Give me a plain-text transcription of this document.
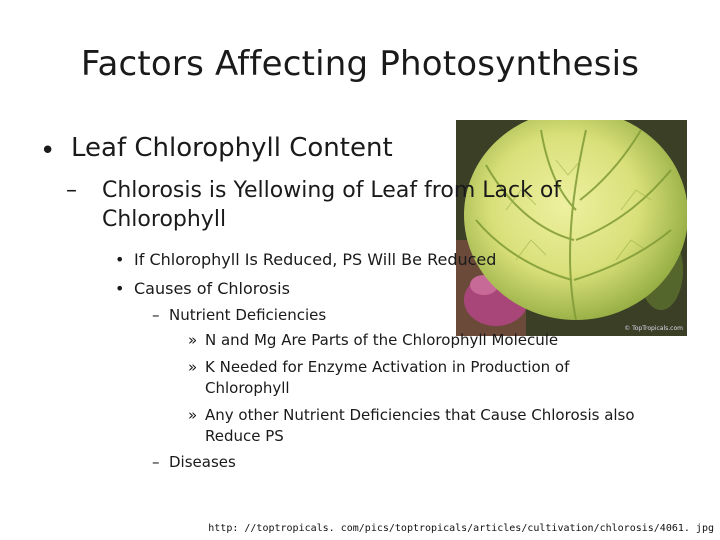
Factors Affecting Photosynthesis
© TopTropicals.com
• Leaf Chlorophyll Content
– Chlorosis is Yellowing of Leaf from Lack of
Chlorophyll
• If Chlorophyll Is Reduced, PS Will Be Reduced
• Causes of Chlorosis
– Nutrient Deficiencies
» N and Mg Are Parts of the Chlorophyll Molecule
» K Needed for Enzyme Activation in Production of
Chlorophyll
» Any other Nutrient Deficiencies that Cause Chlorosis also
Reduce PS
– Diseases
http: //toptropicals. com/pics/toptropicals/articles/cultivation/chlorosis/4061. jpg
